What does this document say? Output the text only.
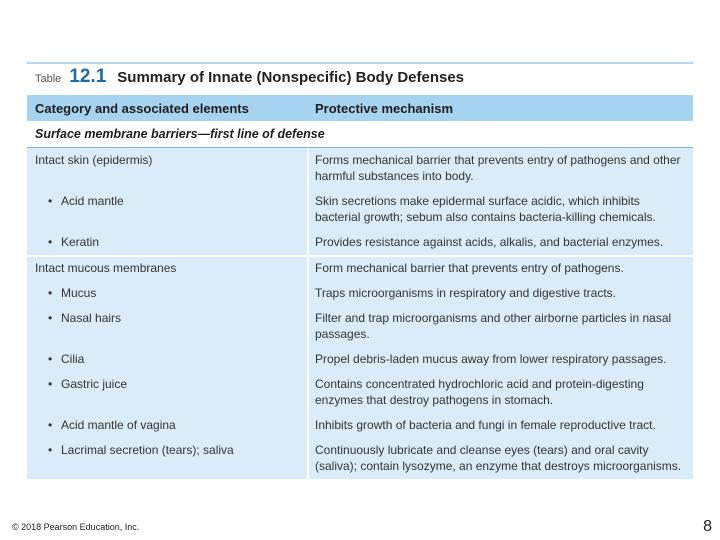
Table 12.1 Summary of Innate (Nonspecific) Body Defenses
Category and associated elements	Protective mechanism
Surface membrane barriers—first line of defense
Intact skin (epidermis)	Forms mechanical barrier that prevents entry of pathogens and other
harmful substances into body.
• Acid mantle	Skin secretions make epidermal surface acidic, which inhibits
bacterial growth; sebum also contains bacteria-killing chemicals.
• Keratin	Provides resistance against acids, alkalis, and bacterial enzymes.
Intact mucous membranes	Form mechanical barrier that prevents entry of pathogens.
• Mucus	Traps microorganisms in respiratory and digestive tracts.
• Nasal hairs	Filter and trap microorganisms and other airborne particles in nasal
passages.
• Cilia	Propel debris-laden mucus away from lower respiratory passages.
• Gastric juice	Contains concentrated hydrochloric acid and protein-digesting
enzymes that destroy pathogens in stomach.
• Acid mantle of vagina	Inhibits growth of bacteria and fungi in female reproductive tract.
• Lacrimal secretion (tears); saliva	Continuously lubricate and cleanse eyes (tears) and oral cavity
(saliva); contain lysozyme, an enzyme that destroys microorganisms.
© 2018 Pearson Education, Inc.	8
